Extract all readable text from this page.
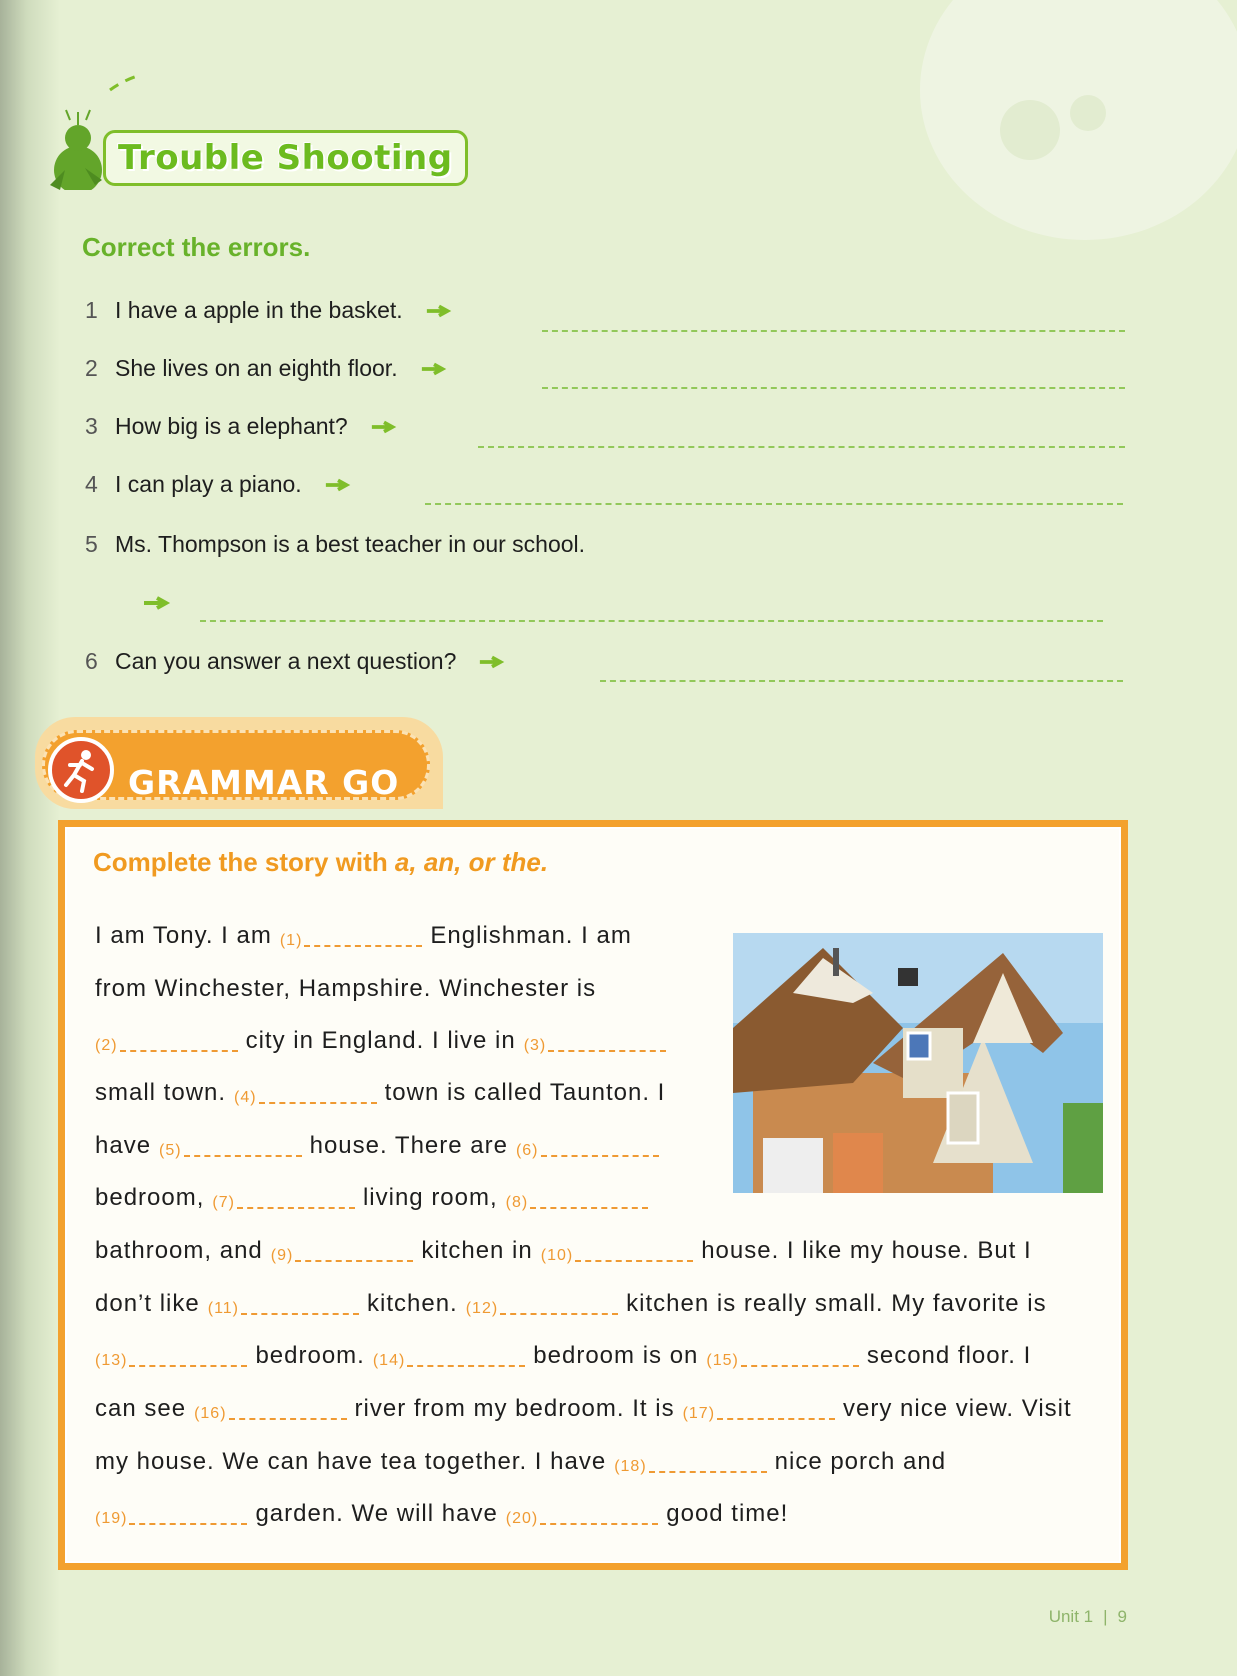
Trouble Shooting
Correct the errors.
1 I have a apple in the basket.
2 She lives on an eighth floor.
3 How big is a elephant?
4 I can play a piano.
5 Ms. Thompson is a best teacher in our school.
6 Can you answer a next question?
GRAMMAR GO
Complete the story with a, an, or the.
I am Tony. I am (1)	Englishman. I am
from Winchester, Hampshire. Winchester is
(2)	city in England. I live in (3)
small town. (4)	town is called Taunton. I
have (5)	house. There are (6)
bedroom, (7)	living room, (8)
bathroom, and (9)	kitchen in (10)	house. I like my house. But I
don’t like (11)	kitchen. (12)	kitchen is really small. My favorite is
(13)	bedroom. (14)	bedroom is on (15)	second floor. I
can see (16)	river from my bedroom. It is (17)	very nice view. Visit
my house. We can have tea together. I have (18)	nice porch and
(19)	garden. We will have (20)	good time!
Unit 1 | 9
